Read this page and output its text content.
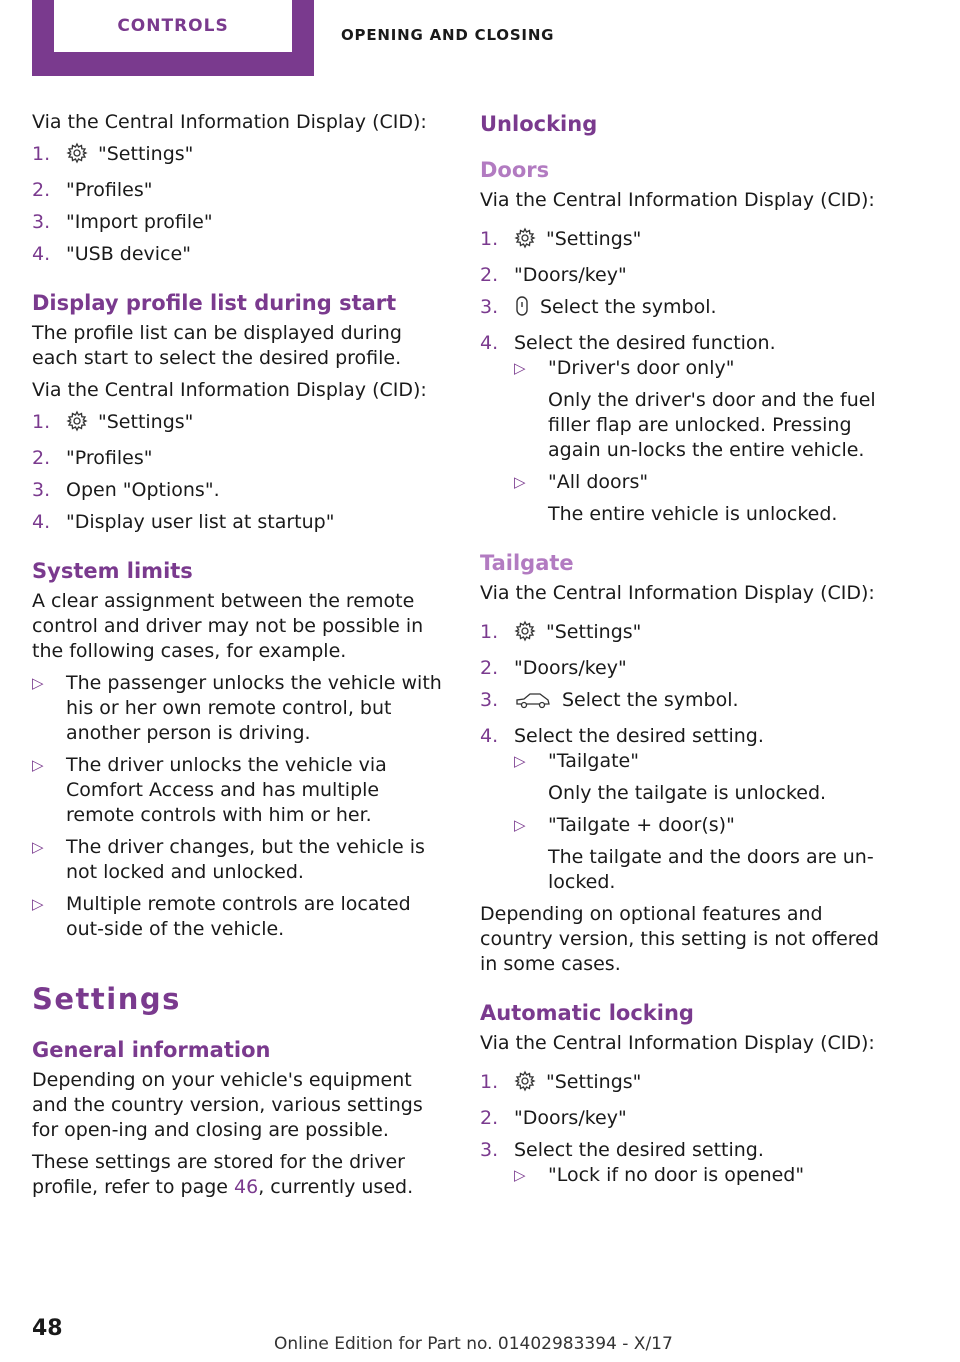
CONTROLS	OPENING AND CLOSING

Via the Central Information Display (CID):

1.	"Settings"
2. "Profiles"
3. "Import profile"
4. "USB device"
Display profile list during start

The profile list can be displayed during each start to select the desired profile.

Via the Central Information Display (CID):

1.	"Settings"
2. "Profiles"
3. Open "Options".
4. "Display user list at startup"
System limits

A clear assignment between the remote control and driver may not be possible in the following cases, for example.

▷ The passenger unlocks the vehicle with his or her own remote control, but another person is driving.
▷ The driver unlocks the vehicle via Comfort Access and has multiple remote controls with him or her.
▷ The driver changes, but the vehicle is not locked and unlocked.
▷ Multiple remote controls are located out-side of the vehicle.
Settings
General information

Depending on your vehicle's equipment and the country version, various settings for open-ing and closing are possible.

These settings are stored for the driver profile, refer to page 46, currently used.

Unlocking
Doors

Via the Central Information Display (CID):

1.	"Settings"
2. "Doors/key"
3. Select the symbol.
4. Select the desired function.
▷ "Driver's door only"
Only the driver's door and the fuel filler flap are unlocked. Pressing again un-locks the entire vehicle.
▷ "All doors"
The entire vehicle is unlocked.
Tailgate

Via the Central Information Display (CID):

1.	"Settings"
2. "Doors/key"
3.	Select the symbol.
4. Select the desired setting.
▷ "Tailgate"
Only the tailgate is unlocked.
▷ "Tailgate + door(s)"
The tailgate and the doors are un-locked.

Depending on optional features and country version, this setting is not offered in some cases.

Automatic locking

Via the Central Information Display (CID):

1.	"Settings"
2. "Doors/key"
3. Select the desired setting.
▷ "Lock if no door is opened"
48
Online Edition for Part no. 01402983394 - X/17
